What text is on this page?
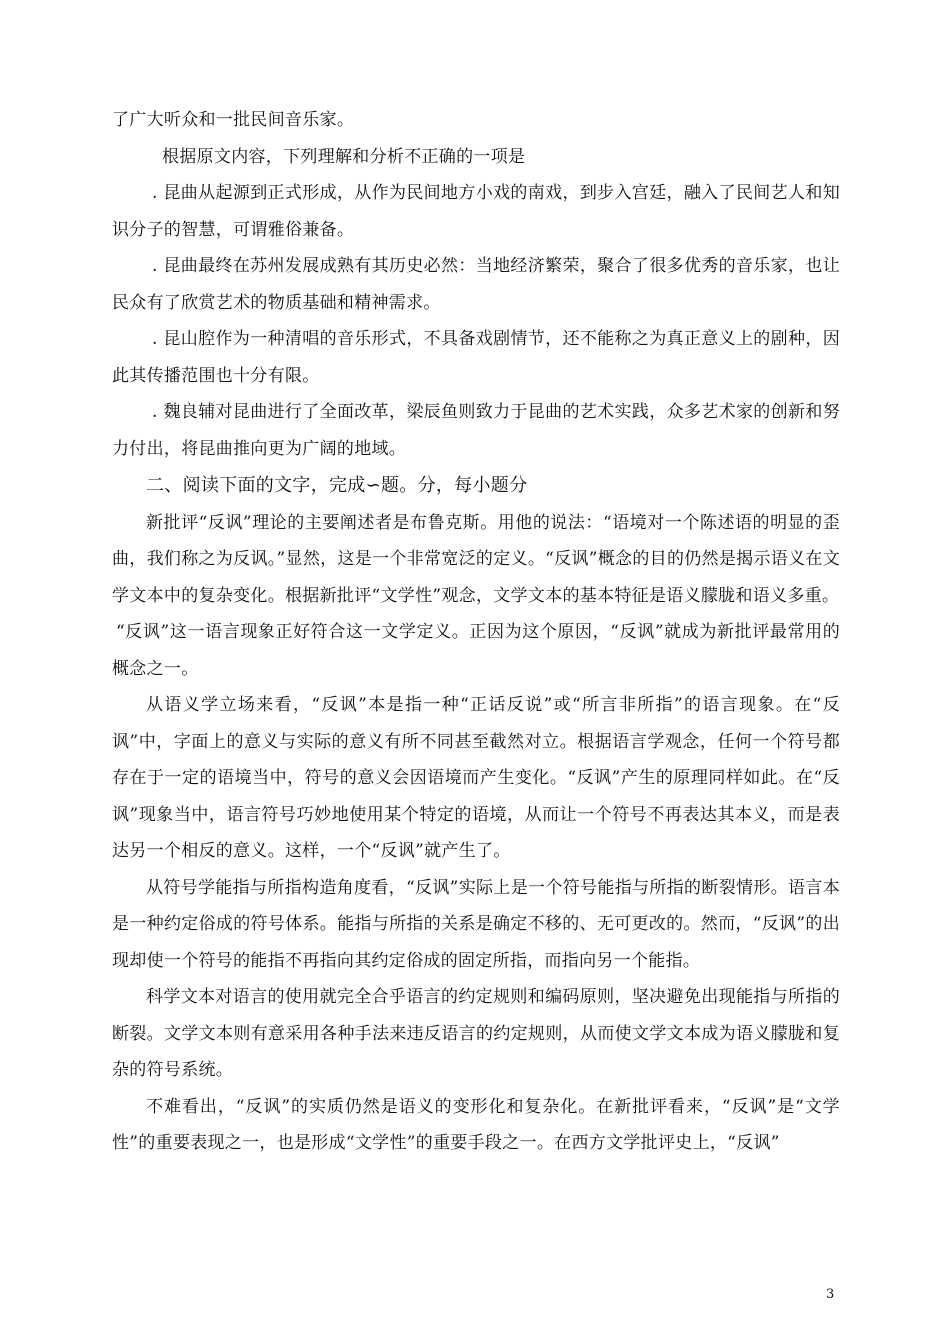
了广大听众和一批民间音乐家。

根据原文内容，下列理解和分析不正确的一项是

. 昆曲从起源到正式形成，从作为民间地方小戏的南戏，到步入宫廷，融入了民间艺人和知识分子的智慧，可谓雅俗兼备。

. 昆曲最终在苏州发展成熟有其历史必然：当地经济繁荣，聚合了很多优秀的音乐家，也让民众有了欣赏艺术的物质基础和精神需求。

. 昆山腔作为一种清唱的音乐形式，不具备戏剧情节，还不能称之为真正意义上的剧种，因此其传播范围也十分有限。

. 魏良辅对昆曲进行了全面改革，梁辰鱼则致力于昆曲的艺术实践，众多艺术家的创新和努力付出，将昆曲推向更为广阔的地域。

二、阅读下面的文字，完成∽题。分，每小题分

新批评“反讽”理论的主要阐述者是布鲁克斯。用他的说法：“语境对一个陈述语的明显的歪曲，我们称之为反讽。”显然，这是一个非常宽泛的定义。“反讽”概念的目的仍然是揭示语义在文学文本中的复杂变化。根据新批评“文学性”观念，文学文本的基本特征是语义朦胧和语义多重。

“反讽”这一语言现象正好符合这一文学定义。正因为这个原因，“反讽”就成为新批评最常用的概念之一。

从语义学立场来看，“反讽”本是指一种“正话反说”或“所言非所指”的语言现象。在“反讽”中，字面上的意义与实际的意义有所不同甚至截然对立。根据语言学观念，任何一个符号都存在于一定的语境当中，符号的意义会因语境而产生变化。“反讽”产生的原理同样如此。在“反讽”现象当中，语言符号巧妙地使用某个特定的语境，从而让一个符号不再表达其本义，而是表达另一个相反的意义。这样，一个“反讽”就产生了。

从符号学能指与所指构造角度看，“反讽”实际上是一个符号能指与所指的断裂情形。语言本是一种约定俗成的符号体系。能指与所指的关系是确定不移的、无可更改的。然而，“反讽”的出现却使一个符号的能指不再指向其约定俗成的固定所指，而指向另一个能指。

科学文本对语言的使用就完全合乎语言的约定规则和编码原则，坚决避免出现能指与所指的断裂。文学文本则有意采用各种手法来违反语言的约定规则，从而使文学文本成为语义朦胧和复杂的符号系统。

不难看出，“反讽”的实质仍然是语义的变形化和复杂化。在新批评看来，“反讽”是“文学性”的重要表现之一，也是形成“文学性”的重要手段之一。在西方文学批评史上，“反讽”

3
